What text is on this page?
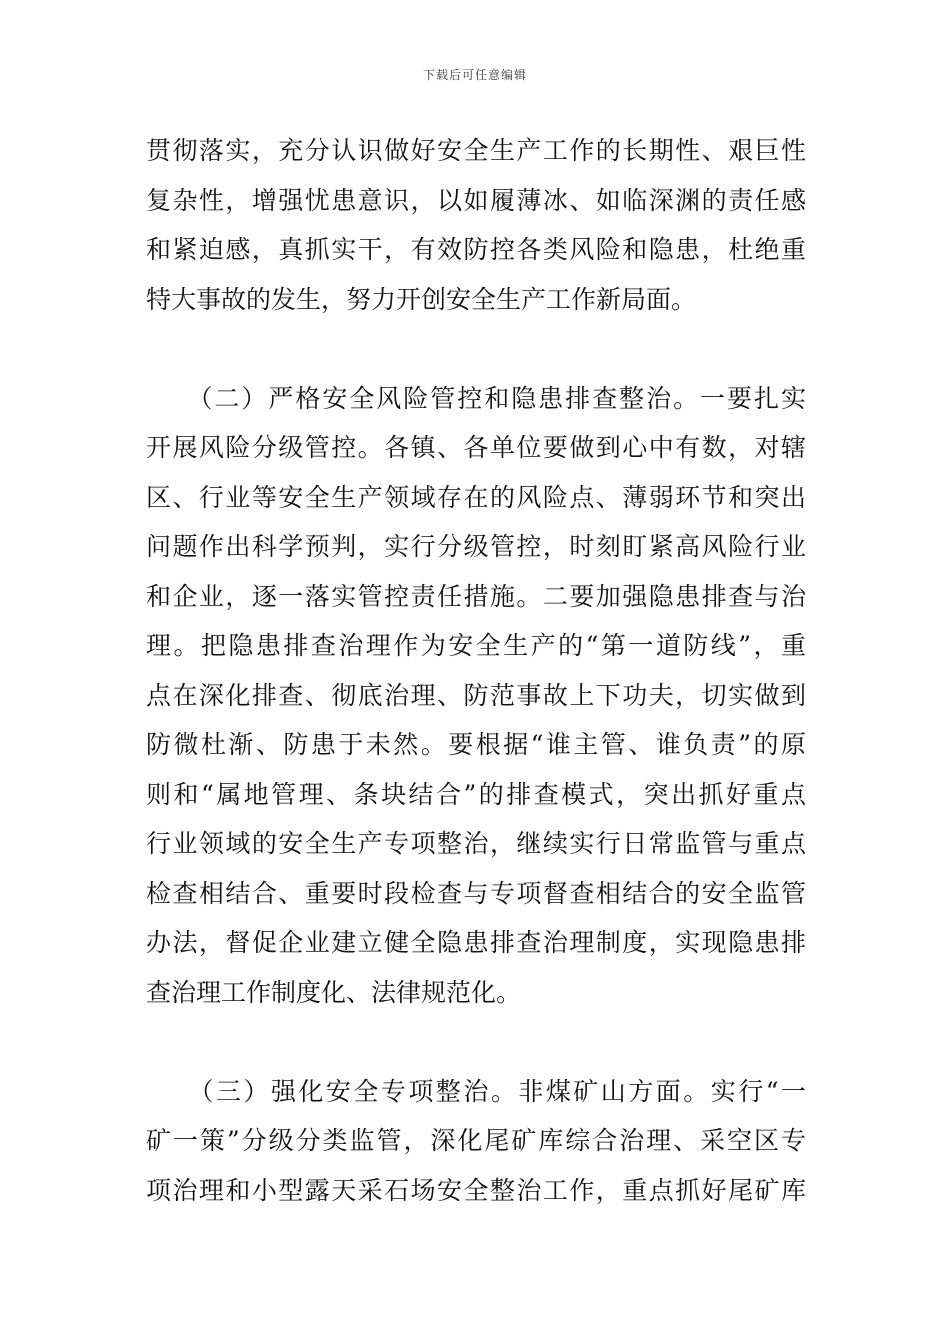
下载后可任意编辑
贯彻落实，充分认识做好安全生产工作的长期性、艰巨性
复杂性，增强忧患意识，以如履薄冰、如临深渊的责任感
和紧迫感，真抓实干，有效防控各类风险和隐患，杜绝重
特大事故的发生，努力开创安全生产工作新局面。
　　（二）严格安全风险管控和隐患排查整治。一要扎实
开展风险分级管控。各镇、各单位要做到心中有数，对辖
区、行业等安全生产领域存在的风险点、薄弱环节和突出
问题作出科学预判，实行分级管控，时刻盯紧高风险行业
和企业，逐一落实管控责任措施。二要加强隐患排查与治
理。把隐患排查治理作为安全生产的“第一道防线”，重
点在深化排查、彻底治理、防范事故上下功夫，切实做到
防微杜渐、防患于未然。要根据“谁主管、谁负责”的原
则和“属地管理、条块结合”的排查模式，突出抓好重点
行业领域的安全生产专项整治，继续实行日常监管与重点
检查相结合、重要时段检查与专项督查相结合的安全监管
办法，督促企业建立健全隐患排查治理制度，实现隐患排
查治理工作制度化、法律规范化。
　　（三）强化安全专项整治。非煤矿山方面。实行“一
矿一策”分级分类监管，深化尾矿库综合治理、采空区专
项治理和小型露天采石场安全整治工作，重点抓好尾矿库
